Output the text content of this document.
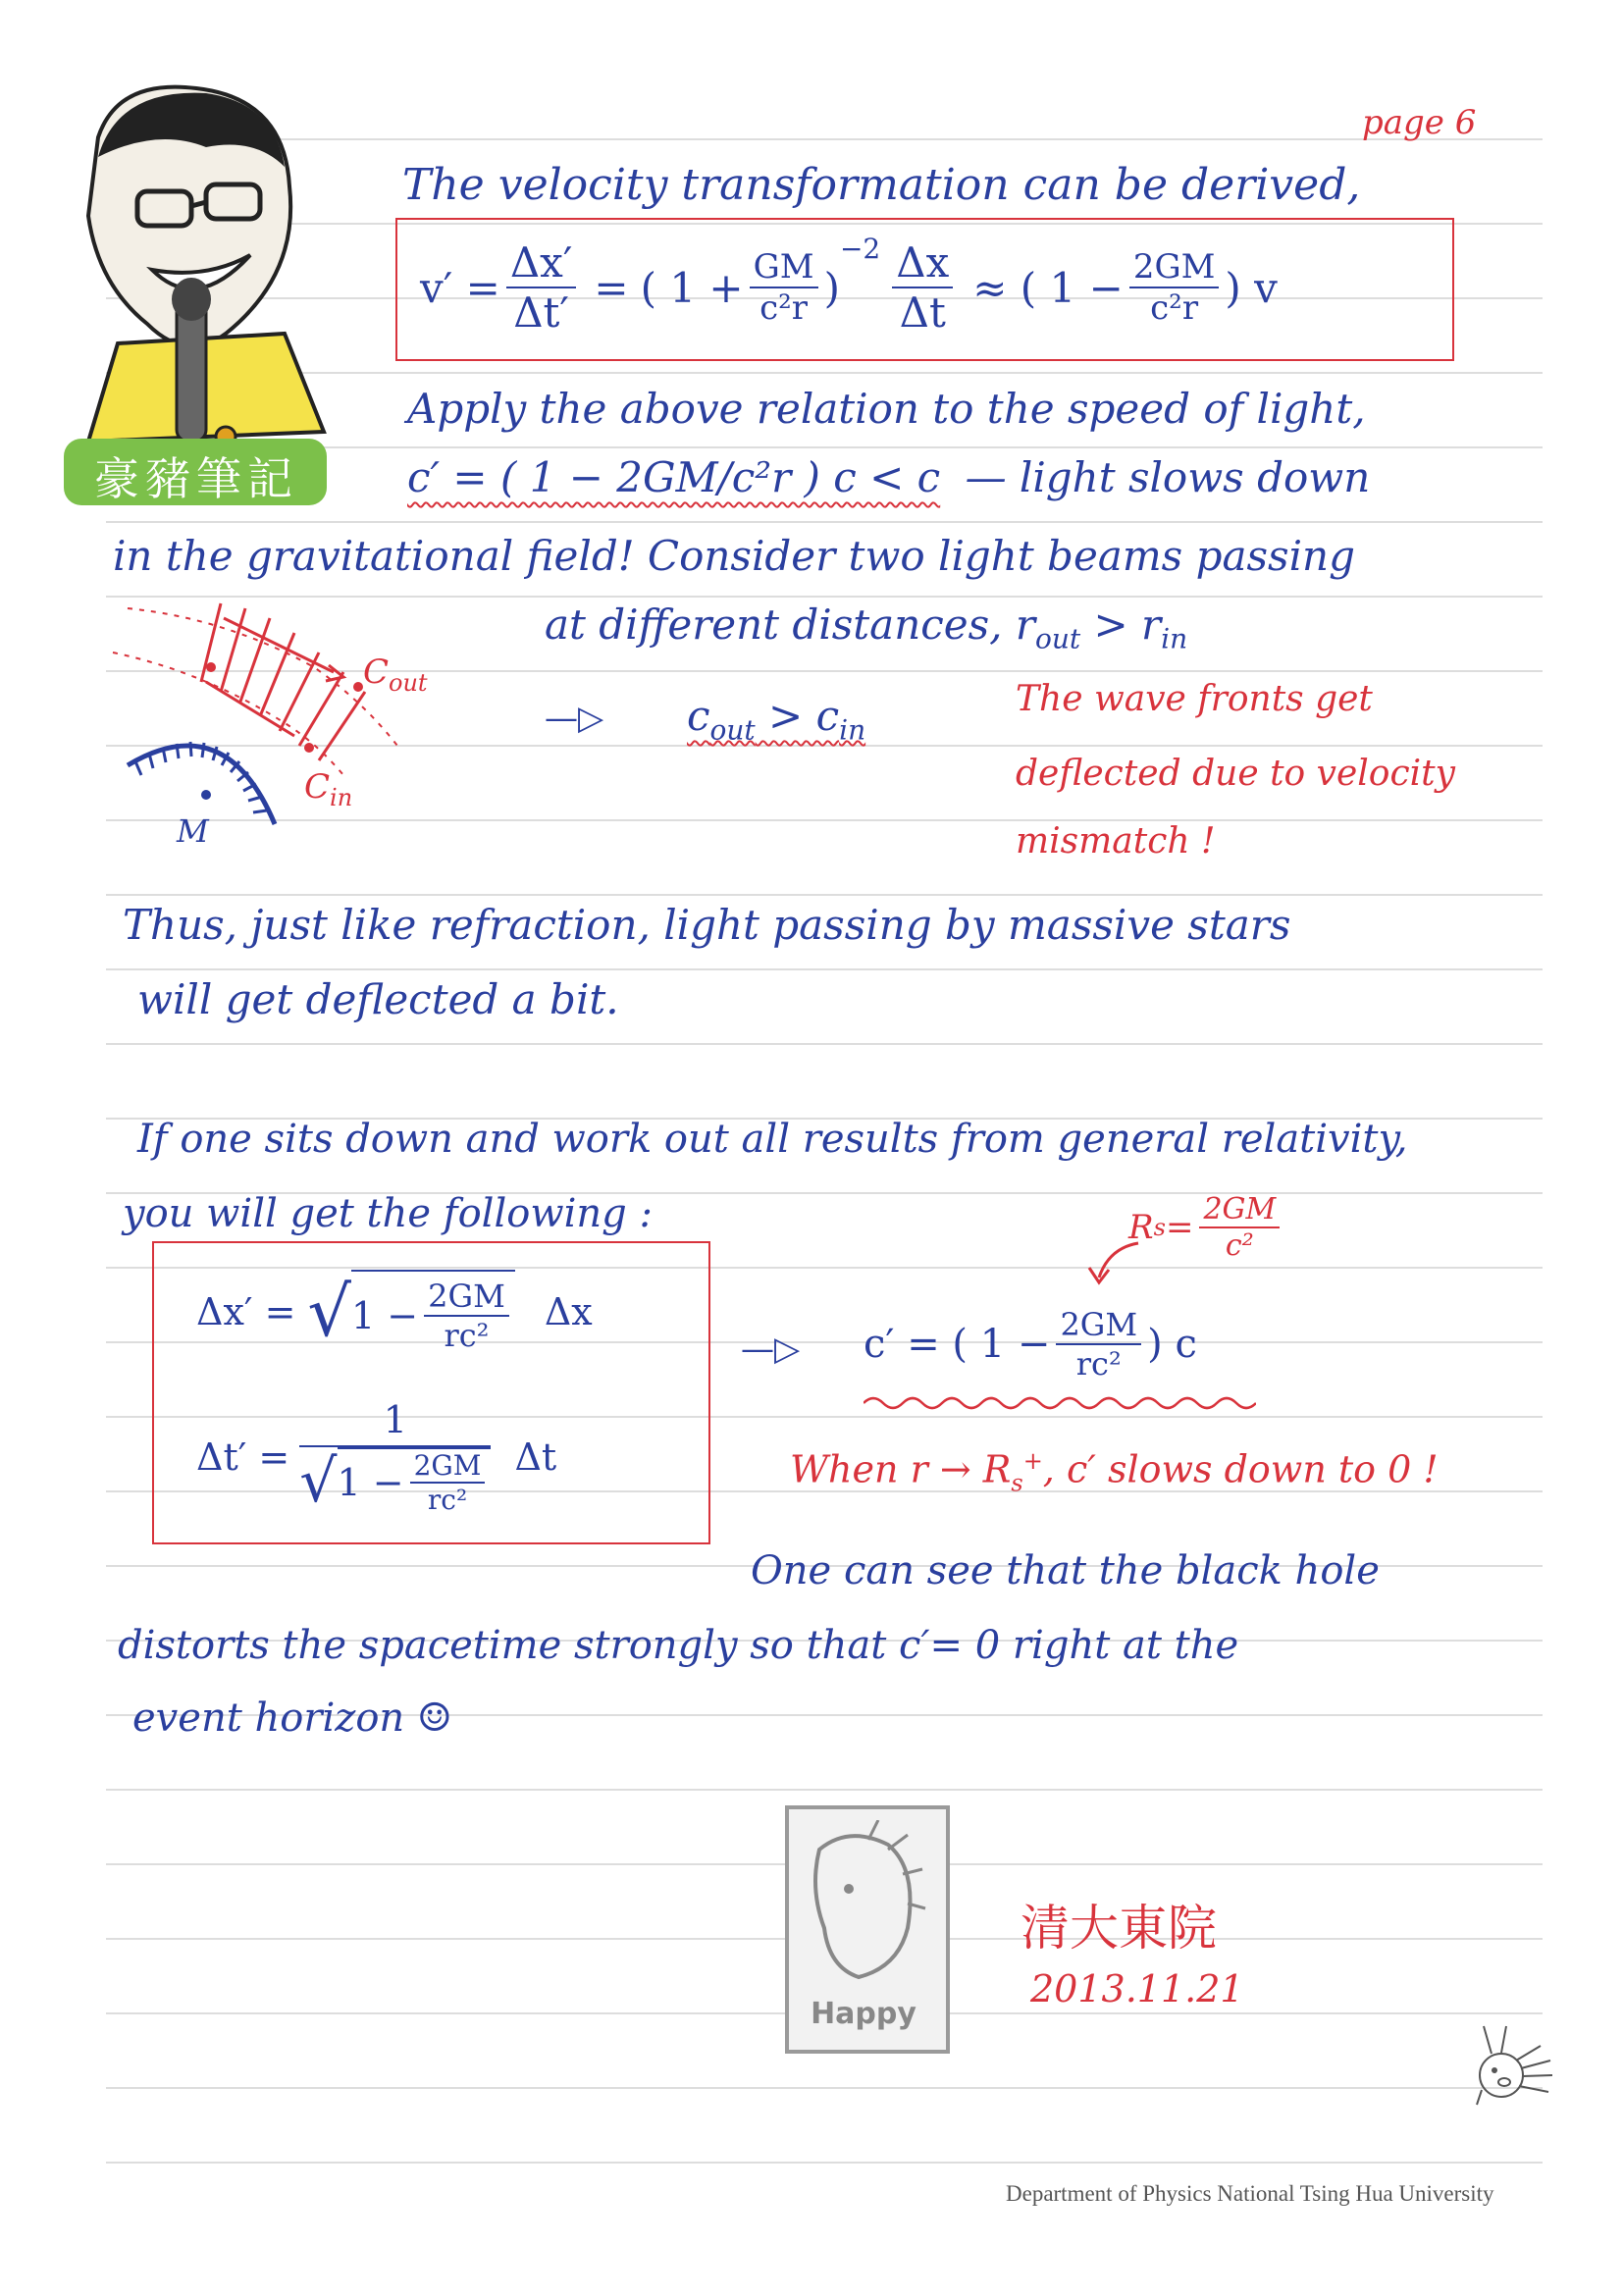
page 6
豪豬筆記
The velocity transformation can be derived,
$v' = \frac{\Delta x'}{\Delta t'}$ = ( $1 + \frac{GM}{\text{c²r}}$ )
$-2 \frac{\Delta x}{\Delta t}$ ≈ ( $1 - \frac{2GM}{\text{c²r}}$ ) v
Apply the above relation to the speed of light,
c′ = ( 1 − 2GM/c²r ) c < c — light slows down
in the gravitational field! Consider two light beams passing
at different distances, $r_{out} > r_{in}$
$C_{out}$
$C_{in}$
M
—▷ $c_{out} > c_{in}$
The wave fronts get
deflected due to velocity
mismatch !
Thus, just like refraction, light passing by massive stars
will get deflected a bit.
If one sits down and work out all results from general relativity,
you will get the following :
Δx′ = √ $1 - \frac{2GM}{\text{rc²}}$ Δx
Δt′ =
1
√ $1 - \frac{2GM}{\text{rc²}}$ Δt
R $s = \frac{2GM}{\text{c²}}$
—▷ c′ = ( $1 - \frac{2GM}{\text{rc²}}$ ) c
When $r \to R_s^+$, c′ slows down to 0 !
One can see that the black hole
distorts the spacetime strongly so that c′= 0 right at the
event horizon ☺
Happy
清大東院
2013.11.21
Department of Physics National Tsing Hua University
